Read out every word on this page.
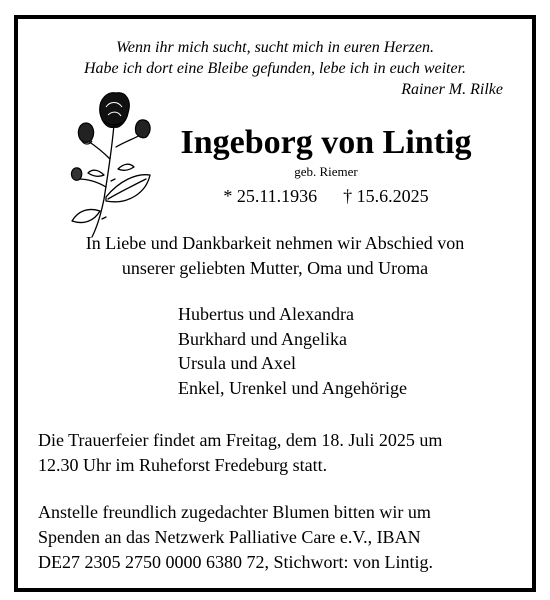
Wenn ihr mich sucht, sucht mich in euren Herzen.
Habe ich dort eine Bleibe gefunden, lebe ich in euch weiter.
Rainer M. Rilke
Ingeborg von Lintig
geb. Riemer
* 25.11.1936 † 15.6.2025
In Liebe und Dankbarkeit nehmen wir Abschied von
unserer geliebten Mutter, Oma und Uroma
Hubertus und Alexandra
Burkhard und Angelika
Ursula und Axel
Enkel, Urenkel und Angehörige
Die Trauerfeier findet am Freitag, dem 18. Juli 2025 um
12.30 Uhr im Ruheforst Fredeburg statt.
Anstelle freundlich zugedachter Blumen bitten wir um
Spenden an das Netzwerk Palliative Care e.V., IBAN
DE27 2305 2750 0000 6380 72, Stichwort: von Lintig.
